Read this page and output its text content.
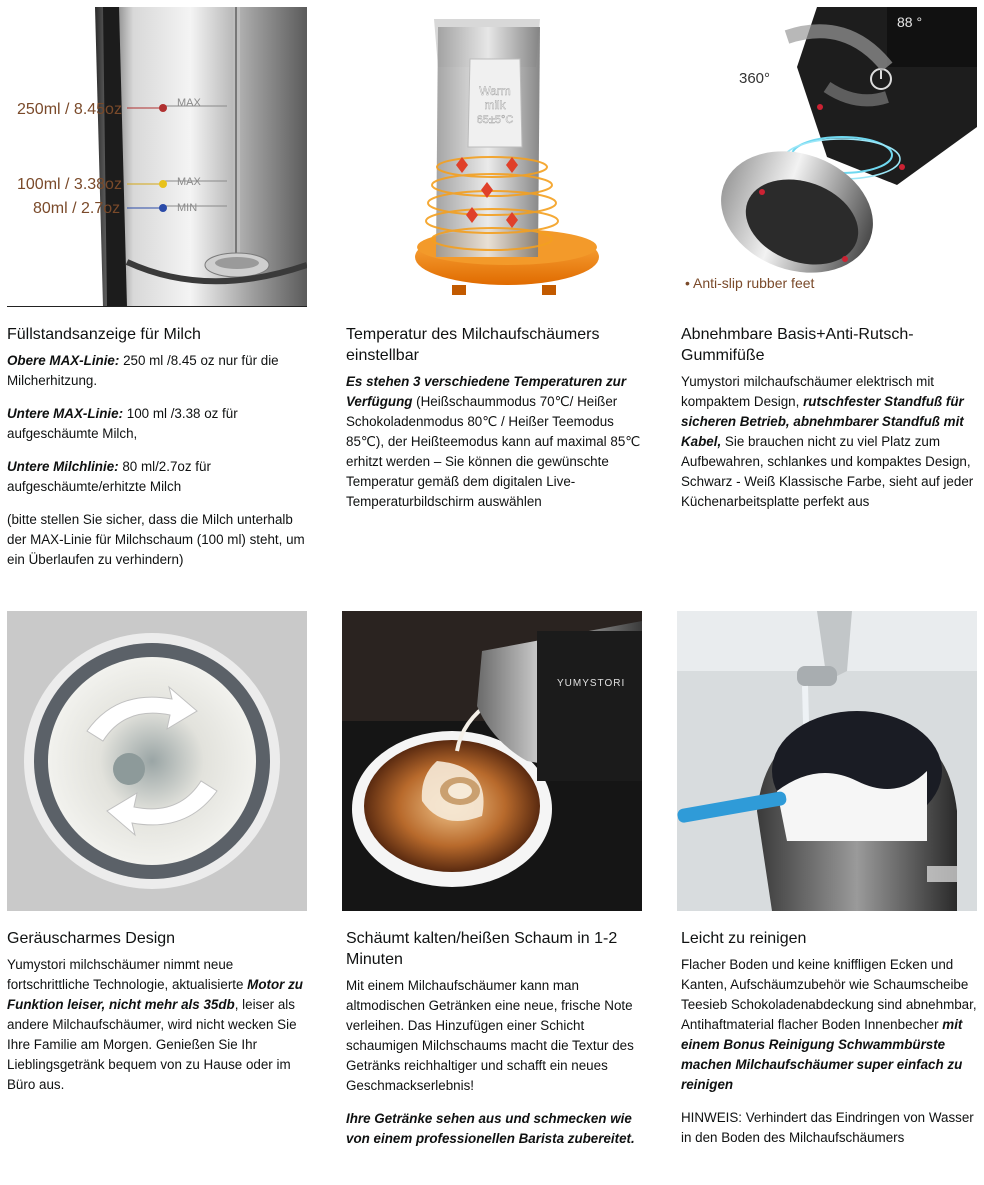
MAX
MAX
MIN
250ml / 8.45oz
100ml / 3.38oz
80ml / 2.7oz
Füllstandsanzeige für Milch

Obere MAX-Linie: 250 ml /8.45 oz nur für die Milcherhitzung.

Untere MAX-Linie: 100 ml /3.38 oz für aufgeschäumte Milch,

Untere Milchlinie: 80 ml/2.7oz für aufgeschäumte/erhitzte Milch

(bitte stellen Sie sicher, dass die Milch unterhalb der MAX-Linie für Milchschaum (100 ml) steht, um ein Überlaufen zu verhindern)

Warm
milk
65±5°C
Temperatur des Milchaufschäumers einstellbar

Es stehen 3 verschiedene Temperaturen zur Verfügung (Heißschaummodus 70℃/ Heißer Schokoladenmodus 80℃ / Heißer Teemodus 85℃), der Heißteemodus kann auf maximal 85℃ erhitzt werden – Sie können die gewünschte Temperatur gemäß dem digitalen Live-Temperaturbildschirm auswählen

88 °
360°
• Anti-slip rubber feet
Abnehmbare Basis+Anti-Rutsch-Gummifüße

Yumystori milchaufschäumer elektrisch mit kompaktem Design, rutschfester Standfuß für sicheren Betrieb, abnehmbarer Standfuß mit Kabel, Sie brauchen nicht zu viel Platz zum Aufbewahren, schlankes und kompaktes Design, Schwarz - Weiß Klassische Farbe, sieht auf jeder Küchenarbeitsplatte perfekt aus

Geräuscharmes Design

Yumystori milchschäumer nimmt neue fortschrittliche Technologie, aktualisierte Motor zu Funktion leiser, nicht mehr als 35db, leiser als andere Milchaufschäumer, wird nicht wecken Sie Ihre Familie am Morgen. Genießen Sie Ihr Lieblingsgetränk bequem von zu Hause oder im Büro aus.

YUMYSTORI
Schäumt kalten/heißen Schaum in 1-2 Minuten

Mit einem Milchaufschäumer kann man altmodischen Getränken eine neue, frische Note verleihen. Das Hinzufügen einer Schicht schaumigen Milchschaums macht die Textur des Getränks reichhaltiger und schafft ein neues Geschmackserlebnis!

Ihre Getränke sehen aus und schmecken wie von einem professionellen Barista zubereitet.

Leicht zu reinigen

Flacher Boden und keine kniffligen Ecken und Kanten, Aufschäumzubehör wie Schaumscheibe Teesieb Schokoladenabdeckung sind abnehmbar, Antihaftmaterial flacher Boden Innenbecher mit einem Bonus Reinigung Schwammbürste machen Milchaufschäumer super einfach zu reinigen

HINWEIS: Verhindert das Eindringen von Wasser in den Boden des Milchaufschäumers
